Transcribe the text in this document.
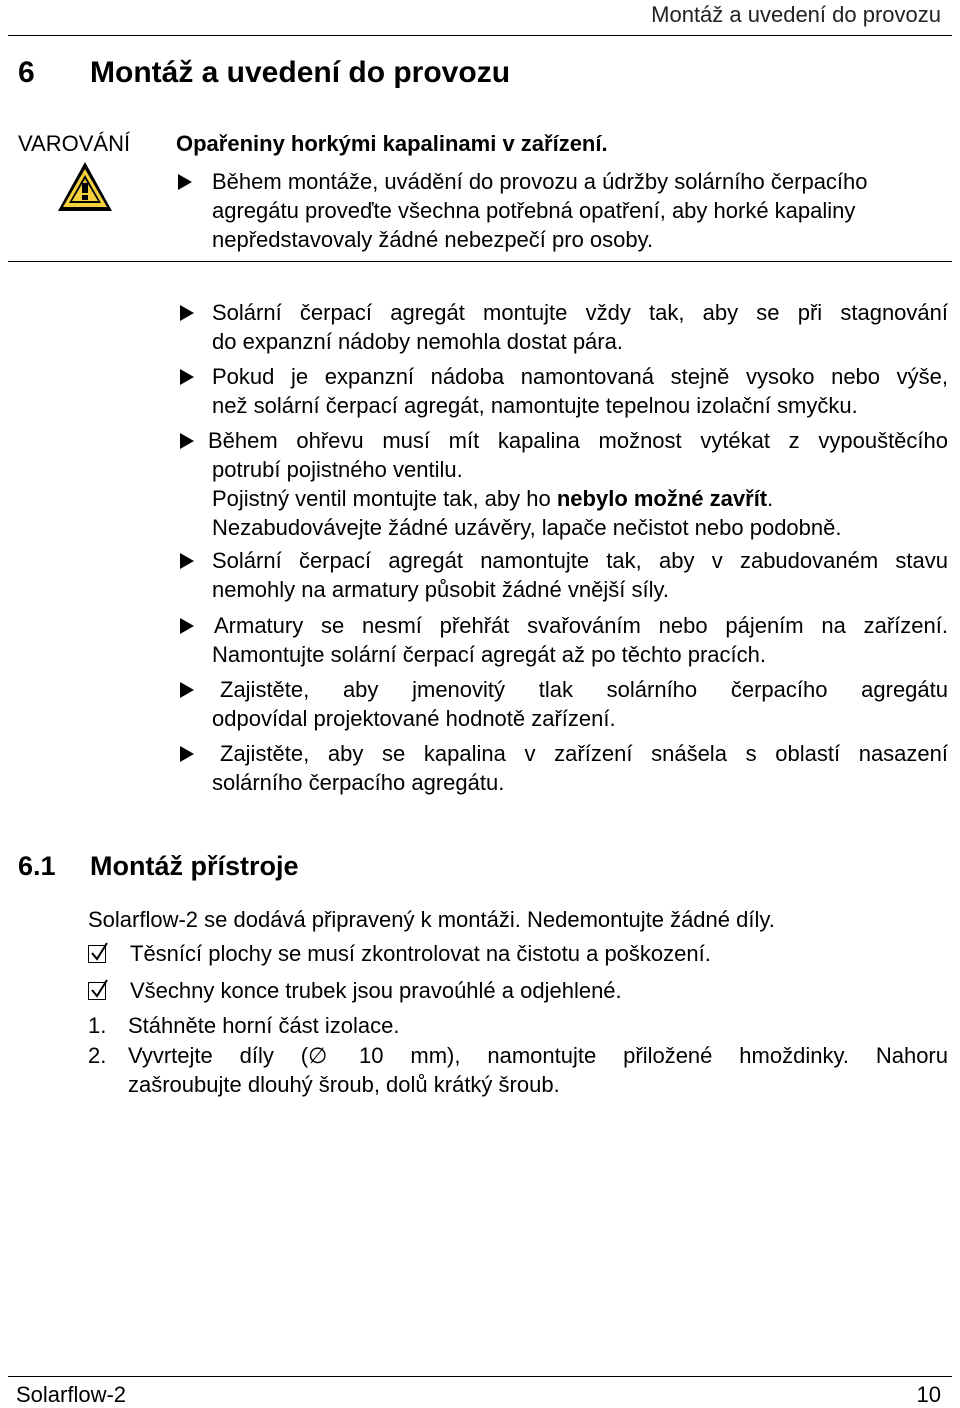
Montáž a uvedení do provozu
6 Montáž a uvedení do provozu
VAROVÁNÍ Opařeniny horkými kapalinami v zařízení.
Během montáže, uvádění do provozu a údržby solárního čerpacího
agregátu proveďte všechna potřebná opatření, aby horké kapaliny
nepředstavovaly žádné nebezpečí pro osoby.
Solární čerpací agregát montujte vždy tak, aby se při stagnování
do expanzní nádoby nemohla dostat pára.
Pokud je expanzní nádoba namontovaná stejně vysoko nebo výše,
než solární čerpací agregát, namontujte tepelnou izolační smyčku.
Během ohřevu musí mít kapalina možnost vytékat z vypouštěcího
potrubí pojistného ventilu.
Pojistný ventil montujte tak, aby ho nebylo možné zavřít.
Nezabudovávejte žádné uzávěry, lapače nečistot nebo podobně.
Solární čerpací agregát namontujte tak, aby v zabudovaném stavu
nemohly na armatury působit žádné vnější síly.
Armatury se nesmí přehřát svařováním nebo pájením na zařízení.
Namontujte solární čerpací agregát až po těchto pracích.
Zajistěte, aby jmenovitý tlak solárního čerpacího agregátu
odpovídal projektované hodnotě zařízení.
Zajistěte, aby se kapalina v zařízení snášela s oblastí nasazení
solárního čerpacího agregátu.
6.1 Montáž přístroje
Solarflow-2 se dodává připravený k montáži. Nedemontujte žádné díly.
Těsnící plochy se musí zkontrolovat na čistotu a poškození.
Všechny konce trubek jsou pravoúhlé a odjehlené.
1. Stáhněte horní část izolace.
2. Vyvrtejte díly (∅ 10 mm), namontujte přiložené hmoždinky. Nahoru
zašroubujte dlouhý šroub, dolů krátký šroub.
Solarflow-2	10
